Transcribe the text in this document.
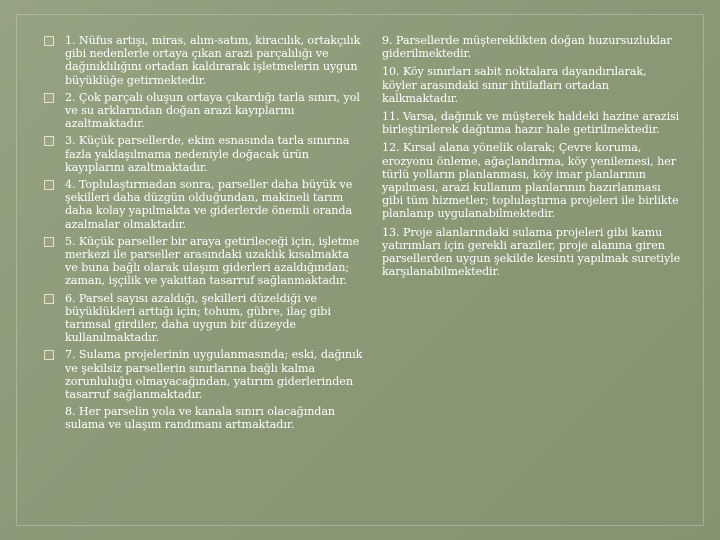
1. Nüfus artışı, miras, alım-satım, kiracılık, ortakçılık gibi nedenlerle ortaya çıkan arazi parçalılığı ve dağınıklılığını ortadan kaldırarak işletmelerin uygun büyüklüğe getirmektedir.
2. Çok parçalı oluşun ortaya çıkardığı tarla sınırı, yol ve su arklarından doğan arazi kayıplarını azaltmaktadır.
3. Küçük parsellerde, ekim esnasında tarla sınırına fazla yaklaşılmama nedeniyle doğacak ürün kayıplarını azaltmaktadır.
4. Toplulaştırmadan sonra, parseller daha büyük ve şekilleri daha düzgün olduğundan, makineli tarım daha kolay yapılmakta ve giderlerde önemli oranda azalmalar olmaktadır.
5. Küçük parseller bir araya getirileceği için, işletme merkezi ile parseller arasındaki uzaklık kısalmakta ve buna bağlı olarak ulaşım giderleri azaldığından; zaman, işçilik ve yakıttan tasarruf sağlanmaktadır.
6. Parsel sayısı azaldığı, şekilleri düzeldiği ve büyüklükleri arttığı için; tohum, gübre, ilaç gibi tarımsal girdiler, daha uygun bir düzeyde kullanılmaktadır.
7. Sulama projelerinin uygulanmasında; eski, dağınık ve şekilsiz parsellerin sınırlarına bağlı kalma zorunluluğu olmayacağından, yatırım giderlerinden tasarruf sağlanmaktadır.
8. Her parselin yola ve kanala sınırı olacağından sulama ve ulaşım randımanı artmaktadır.
9. Parsellerde müştereklikten doğan huzursuzluklar giderilmektedir.
10. Köy sınırları sabit noktalara dayandırılarak, köyler arasındaki sınır ihtilafları ortadan kalkmaktadır.
11. Varsa, dağınık ve müşterek haldeki hazine arazisi birleştirilerek dağıtıma hazır hale getirilmektedir.
12. Kırsal alana yönelik olarak; Çevre koruma, erozyonu önleme, ağaçlandırma, köy yenilemesi, her türlü yolların planlanması, köy imar planlarının yapılması, arazi kullanım planlarının hazırlanması gibi tüm hizmetler; toplulaştırma projeleri ile birlikte planlanıp uygulanabilmektedir.
13. Proje alanlarındaki sulama projeleri gibi kamu yatırımları için gerekli araziler, proje alanına giren parsellerden uygun şekilde kesinti yapılmak suretiyle karşılanabilmektedir.
